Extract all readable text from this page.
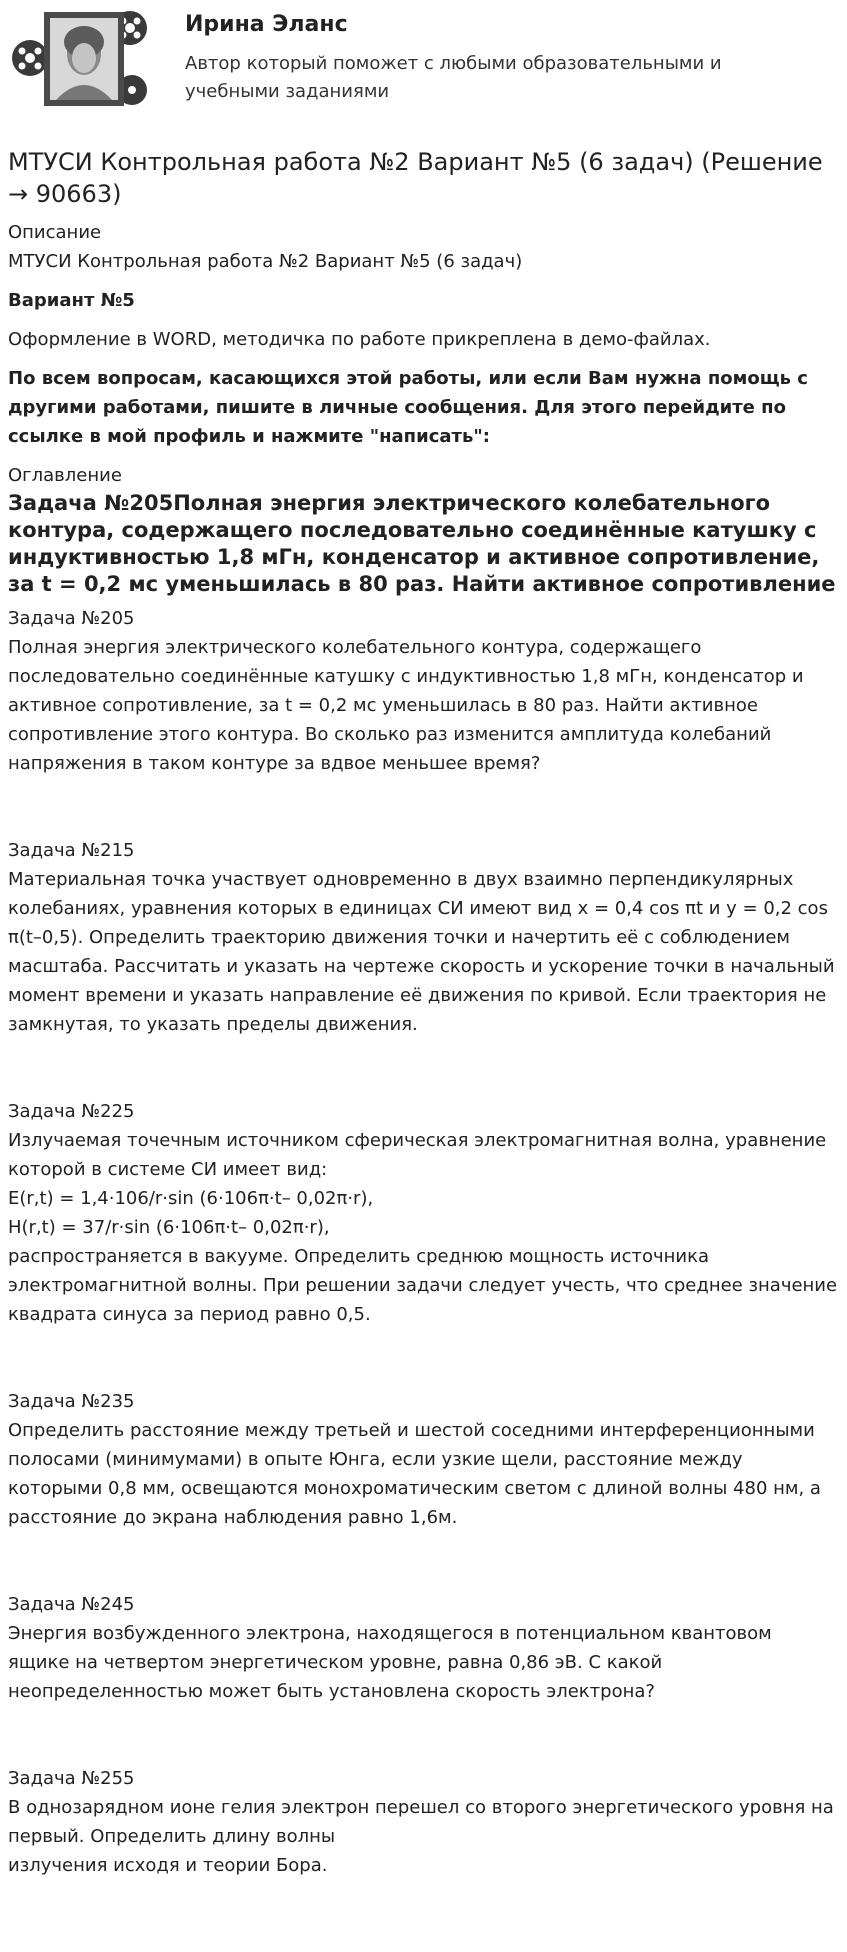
Ирина Эланс
Автор который поможет с любыми образовательными и учебными заданиями
МТУСИ Контрольная работа №2 Вариант №5 (6 задач) (Решение → 90663)

Описание

МТУСИ Контрольная работа №2 Вариант №5 (6 задач)

Вариант №5

Оформление в WORD, методичка по работе прикреплена в демо-файлах.

По всем вопросам, касающихся этой работы, или если Вам нужна помощь с другими работами, пишите в личные сообщения. Для этого перейдите по ссылке в мой профиль и нажмите "написать":

Оглавление

Задача №205Полная энергия электрического колебательного контура, содержащего последовательно соединённые катушку с индуктивностью 1,8 мГн, конденсатор и активное сопротивление, за t = 0,2 мс уменьшилась в 80 раз. Найти активное сопротивление

Задача №205

Полная энергия электрического колебательного контура, содержащего последовательно соединённые катушку с индуктивностью 1,8 мГн, конденсатор и активное сопротивление, за t = 0,2 мс уменьшилась в 80 раз. Найти активное сопротивление этого контура. Во сколько раз изменится амплитуда колебаний напряжения в таком контуре за вдвое меньшее время?

Задача №215

Материальная точка участвует одновременно в двух взаимно перпендикулярных колебаниях, уравнения которых в единицах СИ имеют вид x = 0,4 cos πt и y = 0,2 cos π(t–0,5). Определить траекторию движения точки и начертить её с соблюдением масштаба. Рассчитать и указать на чертеже скорость и ускорение точки в начальный момент времени и указать направление её движения по кривой. Если траектория не замкнутая, то указать пределы движения.

Задача №225

Излучаемая точечным источником сферическая электромагнитная волна, уравнение которой в системе СИ имеет вид:

E(r,t) = 1,4·106/r·sin (6·106π·t– 0,02π·r),

H(r,t) = 37/r·sin (6·106π·t– 0,02π·r),

распространяется в вакууме. Определить среднюю мощность источника электромагнитной волны. При решении задачи следует учесть, что среднее значение квадрата синуса за период равно 0,5.

Задача №235

Определить расстояние между третьей и шестой соседними интерференционными полосами (минимумами) в опыте Юнга, если узкие щели, расстояние между которыми 0,8 мм, освещаются монохроматическим светом с длиной волны 480 нм, а расстояние до экрана наблюдения равно 1,6м.

Задача №245

Энергия возбужденного электрона, находящегося в потенциальном квантовом ящике на четвертом энергетическом уровне, равна 0,86 эВ. С какой неопределенностью может быть установлена скорость электрона?

Задача №255

В однозарядном ионе гелия электрон перешел со второго энергетического уровня на первый. Определить длину волны

излучения исходя и теории Бора.
